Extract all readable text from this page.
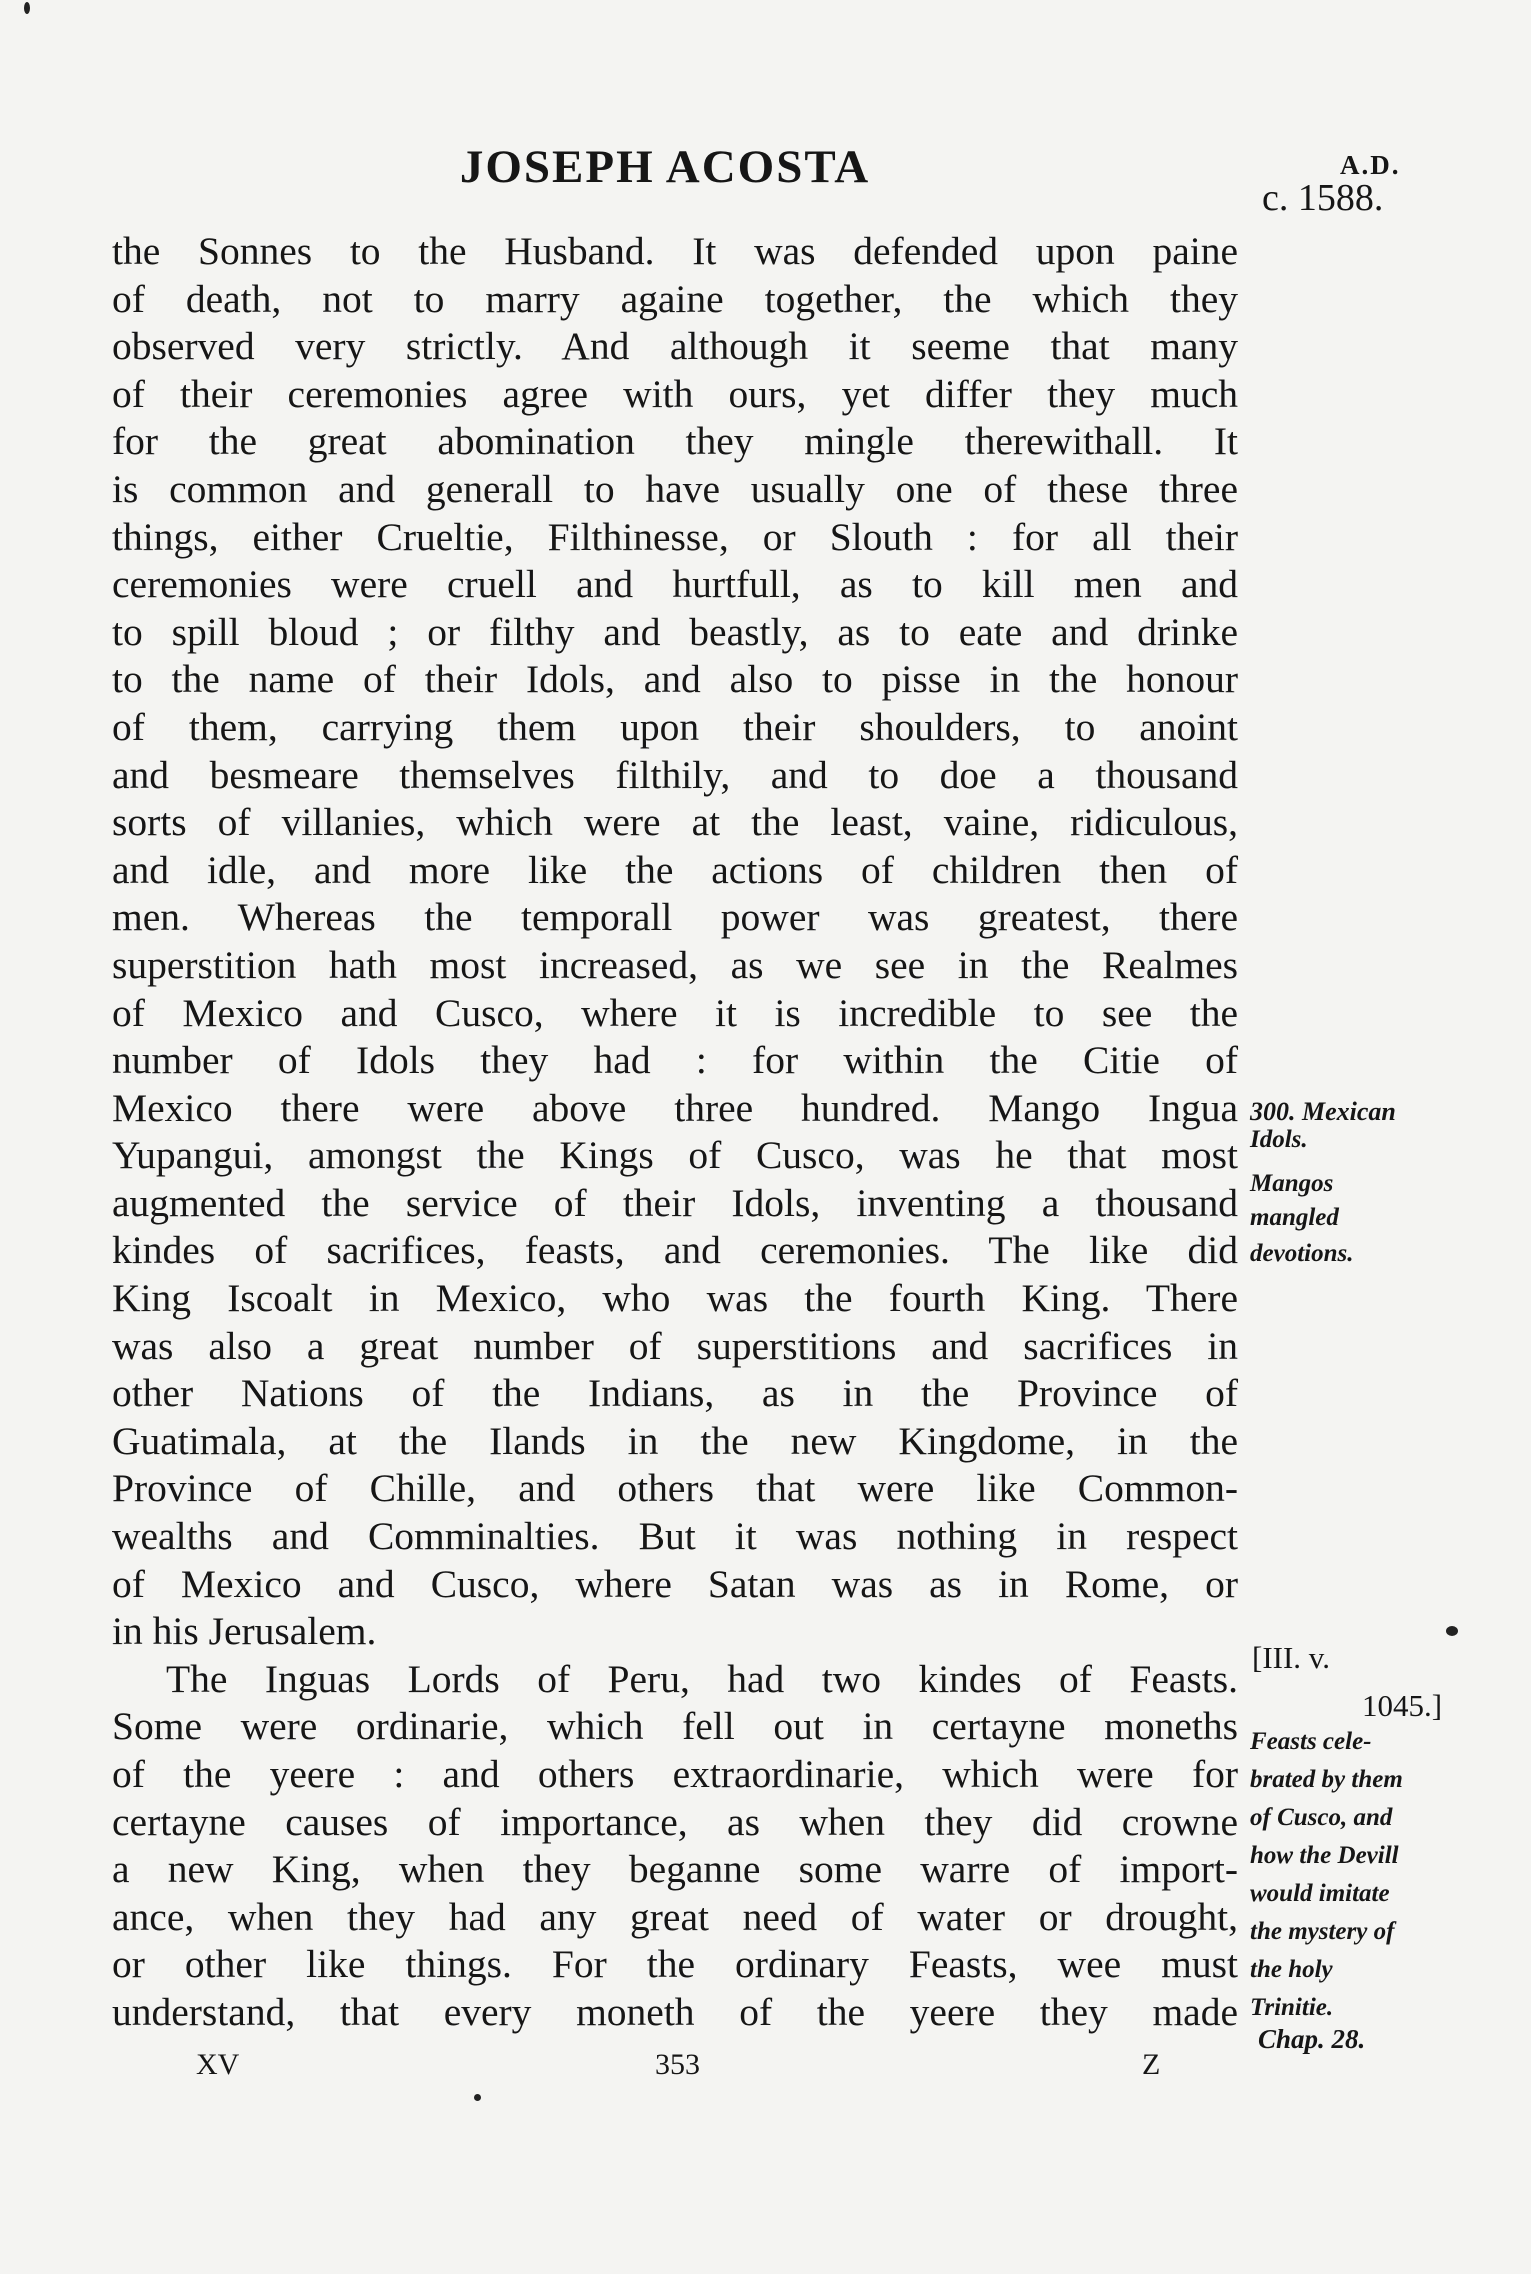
JOSEPH ACOSTA	A.D.
c. 1588.
the Sonnes to the Husband. It was defended upon paine
of death, not to marry againe together, the which they
observed very strictly. And although it seeme that many
of their ceremonies agree with ours, yet differ they much
for the great abomination they mingle therewithall. It
is common and generall to have usually one of these three
things, either Crueltie, Filthinesse, or Slouth : for all their
ceremonies were cruell and hurtfull, as to kill men and
to spill bloud ; or filthy and beastly, as to eate and drinke
to the name of their Idols, and also to pisse in the honour
of them, carrying them upon their shoulders, to anoint
and besmeare themselves filthily, and to doe a thousand
sorts of villanies, which were at the least, vaine, ridiculous,
and idle, and more like the actions of children then of
men. Whereas the temporall power was greatest, there
superstition hath most increased, as we see in the Realmes
of Mexico and Cusco, where it is incredible to see the
number of Idols they had : for within the Citie of
Mexico there were above three hundred. Mango Ingua
Yupangui, amongst the Kings of Cusco, was he that most
augmented the service of their Idols, inventing a thousand
kindes of sacrifices, feasts, and ceremonies. The like did
King Iscoalt in Mexico, who was the fourth King. There
was also a great number of superstitions and sacrifices in
other Nations of the Indians, as in the Province of
Guatimala, at the Ilands in the new Kingdome, in the
Province of Chille, and others that were like Common-
wealths and Comminalties. But it was nothing in respect
of Mexico and Cusco, where Satan was as in Rome, or
in his Jerusalem.
The Inguas Lords of Peru, had two kindes of Feasts.
Some were ordinarie, which fell out in certayne moneths
of the yeere : and others extraordinarie, which were for
certayne causes of importance, as when they did crowne
a new King, when they beganne some warre of import-
ance, when they had any great need of water or drought,
or other like things. For the ordinary Feasts, wee must
understand, that every moneth of the yeere they made
300. Mexican
Idols.
Mangos
mangled
devotions.
[III. v.
1045.]
Feasts cele-
brated by them
of Cusco, and
how the Devill
would imitate
the mystery of
the holy
Trinitie.
Chap. 28.
XV	353	Z
